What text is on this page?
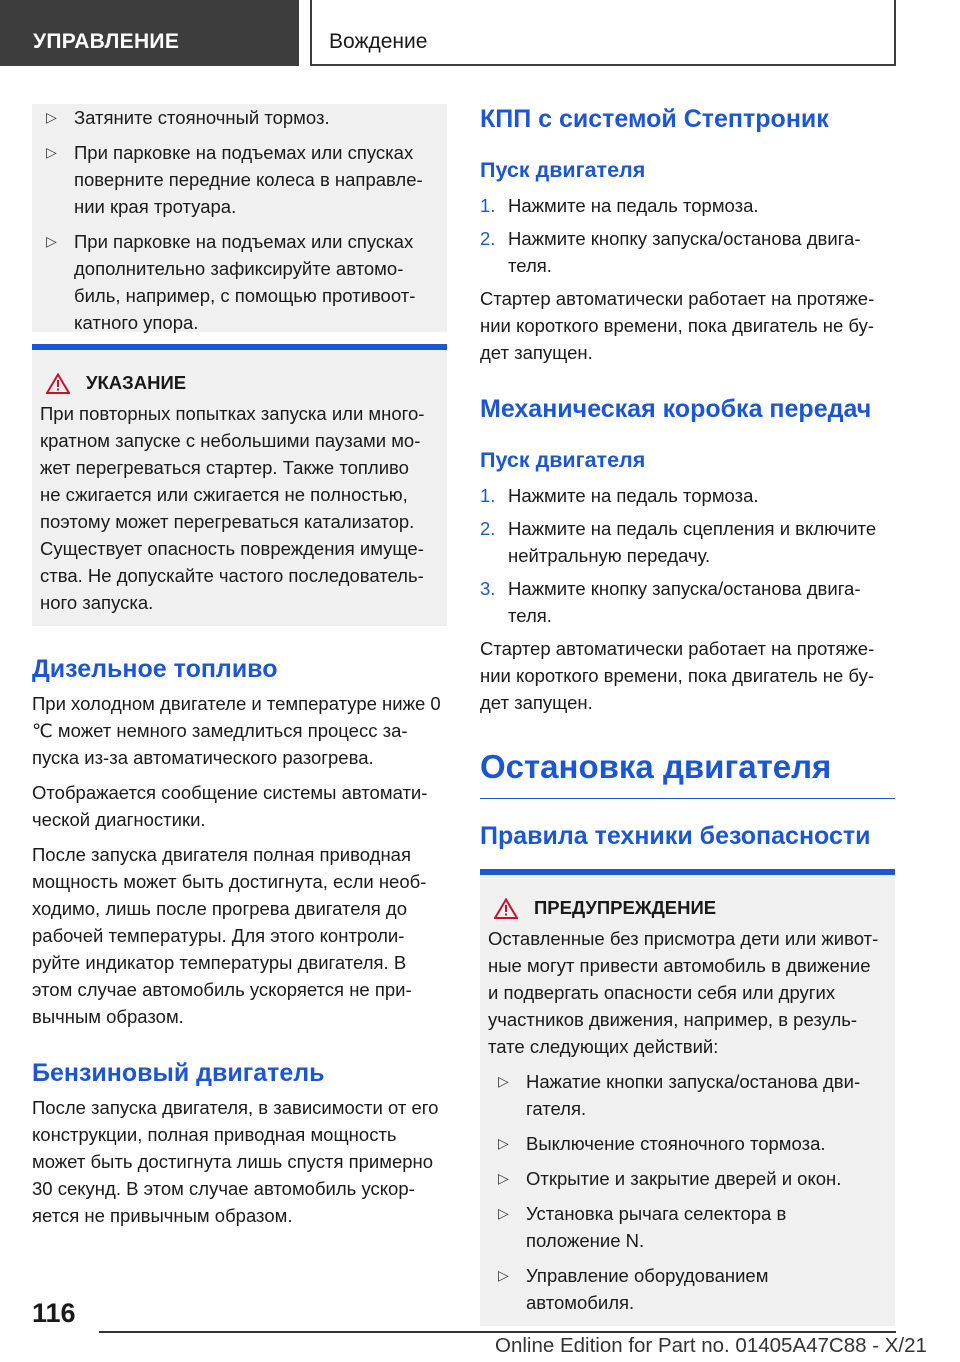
УПРАВЛЕНИЕ	Вождение
▷ Затяните стояночный тормоз.
▷ При парковке на подъемах или спусках поверните передние колеса в направле- нии края тротуара.
▷ При парковке на подъемах или спусках дополнительно зафиксируйте автомо- биль, например, с помощью противоот- катного упора.
УКАЗАНИЕ

При повторных попытках запуска или много- кратном запуске с небольшими паузами мо- жет перегреваться стартер. Также топливо не сжигается или сжигается не полностью, поэтому может перегреваться катализатор. Существует опасность повреждения имуще- ства. Не допускайте частого последователь- ного запуска.

Дизельное топливо

При холодном двигателе и температуре ниже 0 ℃ может немного замедлиться процесс за- пуска из-за автоматического разогрева.

Отображается сообщение системы автомати- ческой диагностики.

После запуска двигателя полная приводная мощность может быть достигнута, если необ- ходимо, лишь после прогрева двигателя до рабочей температуры. Для этого контроли- руйте индикатор температуры двигателя. В этом случае автомобиль ускоряется не при- вычным образом.

Бензиновый двигатель

После запуска двигателя, в зависимости от его конструкции, полная приводная мощность может быть достигнута лишь спустя примерно 30 секунд. В этом случае автомобиль ускор- яется не привычным образом.

КПП с системой Стептроник
Пуск двигателя
1. Нажмите на педаль тормоза.
2. Нажмите кнопку запуска/останова двига- теля.

Стартер автоматически работает на протяже- нии короткого времени, пока двигатель не бу- дет запущен.

Механическая коробка передач
Пуск двигателя
1. Нажмите на педаль тормоза.
2. Нажмите на педаль сцепления и включите нейтральную передачу.
3. Нажмите кнопку запуска/останова двига- теля.

Стартер автоматически работает на протяже- нии короткого времени, пока двигатель не бу- дет запущен.

Остановка двигателя
Правила техники безопасности
ПРЕДУПРЕЖДЕНИЕ

Оставленные без присмотра дети или живот- ные могут привести автомобиль в движение и подвергать опасности себя или других участников движения, например, в резуль- тате следующих действий:

▷ Нажатие кнопки запуска/останова дви- гателя.
▷ Выключение стояночного тормоза.
▷ Открытие и закрытие дверей и окон.
▷ Установка рычага селектора в положение N.
▷ Управление оборудованием автомобиля.
116
Online Edition for Part no. 01405A47C88 - X/21
